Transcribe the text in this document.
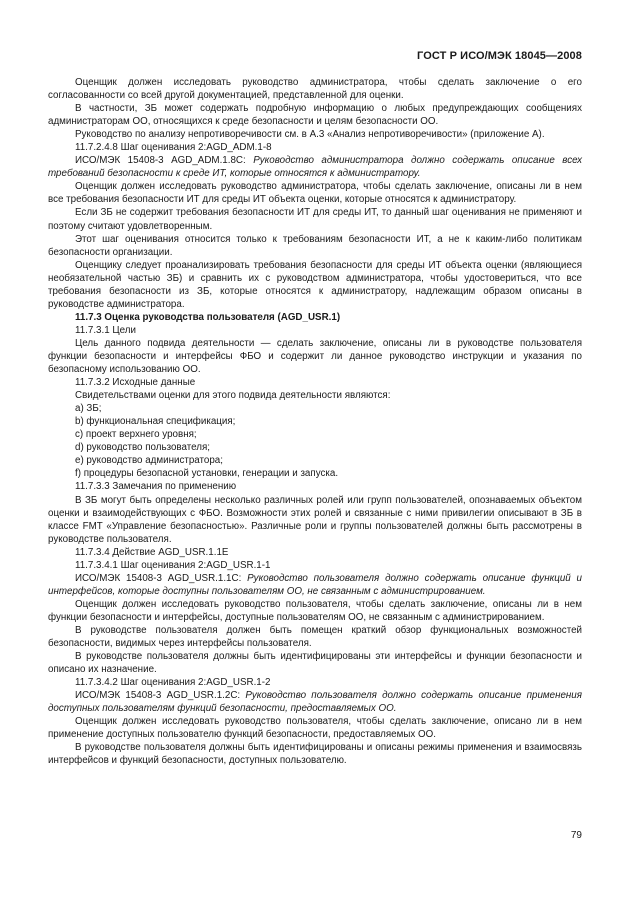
ГОСТ Р ИСО/МЭК 18045—2008

Оценщик должен исследовать руководство администратора, чтобы сделать заключение о его согласованности со всей другой документацией, представленной для оценки.

В частности, ЗБ может содержать подробную информацию о любых предупреждающих сообщениях администраторам ОО, относящихся к среде безопасности и целям безопасности ОО.

Руководство по анализу непротиворечивости см. в А.3 «Анализ непротиворечивости» (приложение А).

11.7.2.4.8 Шаг оценивания 2:AGD_ADM.1-8

ИСО/МЭК 15408-3 AGD_ADM.1.8C: Руководство администратора должно содержать описание всех требований безопасности к среде ИТ, которые относятся к администратору.

Оценщик должен исследовать руководство администратора, чтобы сделать заключение, описаны ли в нем все требования безопасности ИТ для среды ИТ объекта оценки, которые относятся к администратору.

Если ЗБ не содержит требования безопасности ИТ для среды ИТ, то данный шаг оценивания не применяют и поэтому считают удовлетворенным.

Этот шаг оценивания относится только к требованиям безопасности ИТ, а не к каким-либо политикам безопасности организации.

Оценщику следует проанализировать требования безопасности для среды ИТ объекта оценки (являющиеся необязательной частью ЗБ) и сравнить их с руководством администратора, чтобы удостовериться, что все требования безопасности из ЗБ, которые относятся к администратору, надлежащим образом описаны в руководстве администратора.

11.7.3 Оценка руководства пользователя (AGD_USR.1)

11.7.3.1 Цели

Цель данного подвида деятельности — сделать заключение, описаны ли в руководстве пользователя функции безопасности и интерфейсы ФБО и содержит ли данное руководство инструкции и указания по безопасному использованию ОО.

11.7.3.2 Исходные данные

Свидетельствами оценки для этого подвида деятельности являются:

a) ЗБ;

b) функциональная спецификация;

c) проект верхнего уровня;

d) руководство пользователя;

e) руководство администратора;

f) процедуры безопасной установки, генерации и запуска.

11.7.3.3 Замечания по применению

В ЗБ могут быть определены несколько различных ролей или групп пользователей, опознаваемых объектом оценки и взаимодействующих с ФБО. Возможности этих ролей и связанные с ними привилегии описывают в ЗБ в классе FMT «Управление безопасностью». Различные роли и группы пользователей должны быть рассмотрены в руководстве пользователя.

11.7.3.4 Действие AGD_USR.1.1E

11.7.3.4.1 Шаг оценивания 2:AGD_USR.1-1

ИСО/МЭК 15408-3 AGD_USR.1.1C: Руководство пользователя должно содержать описание функций и интерфейсов, которые доступны пользователям ОО, не связанным с администрированием.

Оценщик должен исследовать руководство пользователя, чтобы сделать заключение, описаны ли в нем функции безопасности и интерфейсы, доступные пользователям ОО, не связанным с администрированием.

В руководстве пользователя должен быть помещен краткий обзор функциональных возможностей безопасности, видимых через интерфейсы пользователя.

В руководстве пользователя должны быть идентифицированы эти интерфейсы и функции безопасности и описано их назначение.

11.7.3.4.2 Шаг оценивания 2:AGD_USR.1-2

ИСО/МЭК 15408-3 AGD_USR.1.2C: Руководство пользователя должно содержать описание применения доступных пользователям функций безопасности, предоставляемых ОО.

Оценщик должен исследовать руководство пользователя, чтобы сделать заключение, описано ли в нем применение доступных пользователю функций безопасности, предоставляемых ОО.

В руководстве пользователя должны быть идентифицированы и описаны режимы применения и взаимосвязь интерфейсов и функций безопасности, доступных пользователю.

79
